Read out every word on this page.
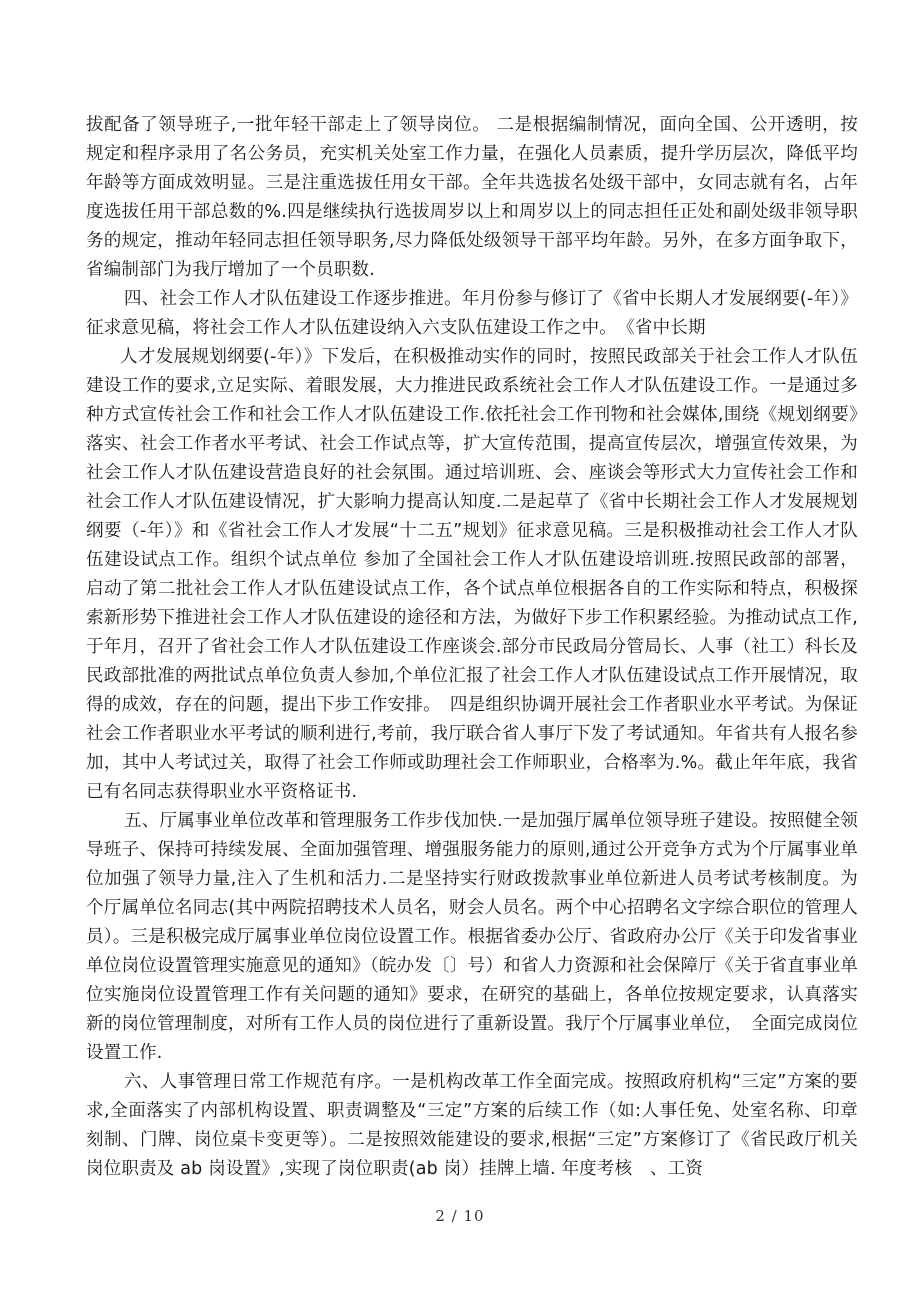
拔配备了领导班子,一批年轻干部走上了领导岗位。 二是根据编制情况，面向全国、公开透明，按规定和程序录用了名公务员，充实机关处室工作力量，在强化人员素质，提升学历层次，降低平均年龄等方面成效明显。三是注重选拔任用女干部。全年共选拔名处级干部中，女同志就有名，占年度选拔任用干部总数的%.四是继续执行选拔周岁以上和周岁以上的同志担任正处和副处级非领导职务的规定，推动年轻同志担任领导职务,尽力降低处级领导干部平均年龄。另外，在多方面争取下，省编制部门为我厅增加了一个员职数.

四、社会工作人才队伍建设工作逐步推进。年月份参与修订了《省中长期人才发展纲要(-年）》征求意见稿，将社会工作人才队伍建设纳入六支队伍建设工作之中。　《省中长期

人才发展规划纲要(-年）》下发后，在积极推动实作的同时，按照民政部关于社会工作人才队伍建设工作的要求,立足实际、着眼发展，大力推进民政系统社会工作人才队伍建设工作。一是通过多种方式宣传社会工作和社会工作人才队伍建设工作.依托社会工作刊物和社会媒体,围绕《规划纲要》落实、社会工作者水平考试、社会工作试点等，扩大宣传范围，提高宣传层次，增强宣传效果，为社会工作人才队伍建设营造良好的社会氛围。通过培训班、会、座谈会等形式大力宣传社会工作和社会工作人才队伍建设情况，扩大影响力提高认知度.二是起草了《省中长期社会工作人才发展规划纲要（-年）》和《省社会工作人才发展“十二五”规划》征求意见稿。三是积极推动社会工作人才队伍建设试点工作。组织个试点单位 参加了全国社会工作人才队伍建设培训班.按照民政部的部署，启动了第二批社会工作人才队伍建设试点工作，各个试点单位根据各自的工作实际和特点，积极探索新形势下推进社会工作人才队伍建设的途径和方法，为做好下步工作积累经验。为推动试点工作,于年月，召开了省社会工作人才队伍建设工作座谈会.部分市民政局分管局长、人事（社工）科长及民政部批准的两批试点单位负责人参加,个单位汇报了社会工作人才队伍建设试点工作开展情况，取得的成效，存在的问题，提出下步工作安排。　四是组织协调开展社会工作者职业水平考试。为保证社会工作者职业水平考试的顺利进行,考前，我厅联合省人事厅下发了考试通知。年省共有人报名参加，其中人考试过关，取得了社会工作师或助理社会工作师职业，合格率为.%。截止年年底，我省已有名同志获得职业水平资格证书.

五、厅属事业单位改革和管理服务工作步伐加快.一是加强厅属单位领导班子建设。按照健全领导班子、保持可持续发展、全面加强管理、增强服务能力的原则,通过公开竞争方式为个厅属事业单位加强了领导力量,注入了生机和活力.二是坚持实行财政拨款事业单位新进人员考试考核制度。为个厅属单位名同志(其中两院招聘技术人员名，财会人员名。两个中心招聘名文字综合职位的管理人员）。三是积极完成厅属事业单位岗位设置工作。根据省委办公厅、省政府办公厅《关于印发省事业单位岗位设置管理实施意见的通知》（皖办发〔〕号）和省人力资源和社会保障厅《关于省直事业单位实施岗位设置管理工作有关问题的通知》要求，在研究的基础上，各单位按规定要求，认真落实新的岗位管理制度，对所有工作人员的岗位进行了重新设置。我厅个厅属事业单位，　全面完成岗位设置工作.

六、人事管理日常工作规范有序。一是机构改革工作全面完成。按照政府机构“三定”方案的要求,全面落实了内部机构设置、职责调整及“三定”方案的后续工作（如:人事任免、处室名称、印章刻制、门牌、岗位桌卡变更等）。二是按照效能建设的要求,根据“三定”方案修订了《省民政厅机关岗位职责及 ab 岗设置》,实现了岗位职责(ab 岗）挂牌上墙. 年度考核　、工资

2 / 10
